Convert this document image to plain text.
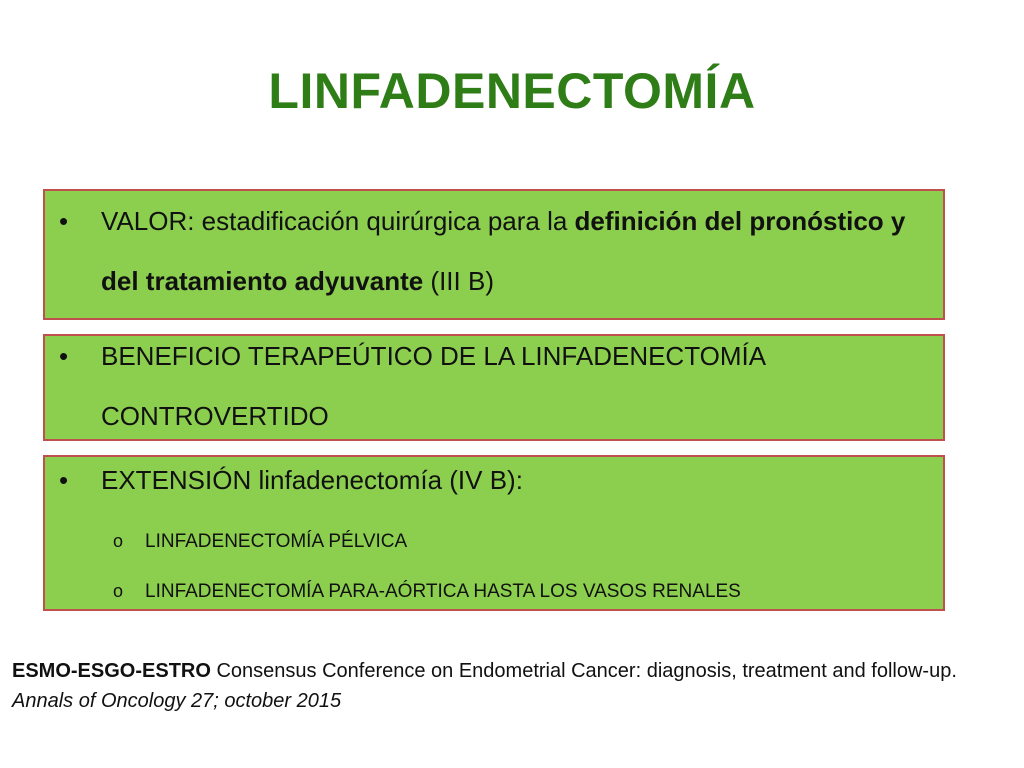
LINFADENECTOMÍA
• VALOR: estadificación quirúrgica para la definición del pronóstico y del tratamiento adyuvante (III B)
• BENEFICIO TERAPEÚTICO DE LA LINFADENECTOMÍA CONTROVERTIDO
• EXTENSIÓN linfadenectomía (IV B):
o LINFADENECTOMÍA PÉLVICA
o LINFADENECTOMÍA PARA-AÓRTICA HASTA LOS VASOS RENALES
ESMO-ESGO-ESTRO Consensus Conference on Endometrial Cancer: diagnosis, treatment and follow-up. Annals of Oncology 27; october 2015
